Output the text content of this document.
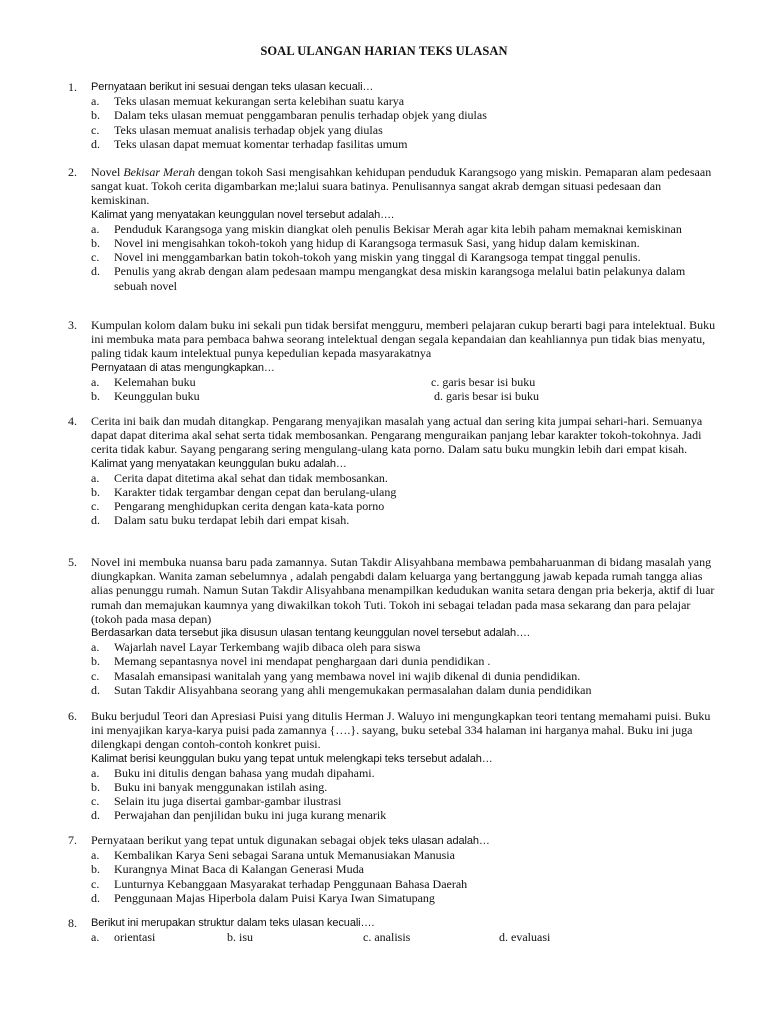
SOAL ULANGAN HARIAN TEKS ULASAN
1. Pernyataan berikut ini sesuai dengan teks ulasan kecuali…
a. Teks ulasan memuat kekurangan serta kelebihan suatu karya
b. Dalam teks ulasan memuat penggambaran penulis terhadap objek yang diulas
c. Teks ulasan memuat analisis terhadap objek yang diulas
d. Teks ulasan dapat memuat komentar terhadap fasilitas umum
2. Novel Bekisar Merah dengan tokoh Sasi mengisahkan kehidupan penduduk Karangsogo yang miskin. Pemaparan alam pedesaan sangat kuat. Tokoh cerita digambarkan me;lalui suara batinya. Penulisannya sangat akrab demgan situasi pedesaan dan kemiskinan.
Kalimat yang menyatakan keunggulan novel tersebut adalah….
a. Penduduk Karangsoga yang miskin diangkat oleh penulis Bekisar Merah agar kita lebih paham memaknai kemiskinan
b. Novel ini mengisahkan tokoh-tokoh yang hidup di Karangsoga termasuk Sasi, yang hidup dalam kemiskinan.
c. Novel ini menggambarkan batin tokoh-tokoh yang miskin yang tinggal di Karangsoga tempat tinggal penulis.
d. Penulis yang akrab dengan alam pedesaan mampu mengangkat desa miskin karangsoga melalui batin pelakunya dalam sebuah novel
3. Kumpulan kolom dalam buku ini sekali pun tidak bersifat mengguru, memberi pelajaran cukup berarti bagi para intelektual. Buku ini membuka mata para pembaca bahwa seorang intelektual dengan segala kepandaian dan keahliannya pun tidak bias menyatu, paling tidak kaum intelektual punya kepedulian kepada masyarakatnya
Pernyataan di atas mengungkapkan…
a. Kelemahan buku	c. garis besar isi buku
b. Keunggulan buku	d. garis besar isi buku
4. Cerita ini baik dan mudah ditangkap. Pengarang menyajikan masalah yang actual dan sering kita jumpai sehari-hari. Semuanya dapat dapat diterima akal sehat serta tidak membosankan. Pengarang menguraikan panjang lebar karakter tokoh-tokohnya. Jadi cerita tidak kabur. Sayang pengarang sering mengulang-ulang kata porno. Dalam satu buku mungkin lebih dari empat kisah.
Kalimat yang menyatakan keunggulan buku adalah…
a. Cerita dapat ditetima akal sehat dan tidak membosankan.
b. Karakter tidak tergambar dengan cepat dan berulang-ulang
c. Pengarang menghidupkan cerita dengan kata-kata porno
d. Dalam satu buku terdapat lebih dari empat kisah.
5. Novel ini membuka nuansa baru pada zamannya. Sutan Takdir Alisyahbana membawa pembaharuanman di bidang masalah yang diungkapkan. Wanita zaman sebelumnya , adalah pengabdi dalam keluarga yang bertanggung jawab kepada rumah tangga alias alias penunggu rumah. Namun Sutan Takdir Alisyahbana menampilkan kedudukan wanita setara dengan pria bekerja, aktif di luar rumah dan memajukan kaumnya yang diwakilkan tokoh Tuti. Tokoh ini sebagai teladan pada masa sekarang dan para pelajar (tokoh pada masa depan)
Berdasarkan data tersebut jika disusun ulasan tentang keunggulan novel tersebut adalah….
a. Wajarlah navel Layar Terkembang wajib dibaca oleh para siswa
b. Memang sepantasnya novel ini mendapat penghargaan dari dunia pendidikan .
c. Masalah emansipasi wanitalah yang yang membawa novel ini wajib dikenal di dunia pendidikan.
d. Sutan Takdir Alisyahbana seorang yang ahli mengemukakan permasalahan dalam dunia pendidikan
6. Buku berjudul Teori dan Apresiasi Puisi yang ditulis Herman J. Waluyo ini mengungkapkan teori tentang memahami puisi. Buku ini menyajikan karya-karya puisi pada zamannya {….}. sayang, buku setebal 334 halaman ini harganya mahal. Buku ini juga dilengkapi dengan contoh-contoh konkret puisi.
Kalimat berisi keunggulan buku yang tepat untuk melengkapi teks tersebut adalah…
a. Buku ini ditulis dengan bahasa yang mudah dipahami.
b. Buku ini banyak menggunakan istilah asing.
c. Selain itu juga disertai gambar-gambar ilustrasi
d. Perwajahan dan penjilidan buku ini juga kurang menarik
7. Pernyataan berikut yang tepat untuk digunakan sebagai objek teks ulasan adalah…
a. Kembalikan Karya Seni sebagai Sarana untuk Memanusiakan Manusia
b. Kurangnya Minat Baca di Kalangan Generasi Muda
c. Lunturnya Kebanggaan Masyarakat terhadap Penggunaan Bahasa Daerah
d. Penggunaan Majas Hiperbola dalam Puisi Karya Iwan Simatupang
8. Berikut ini merupakan struktur dalam teks ulasan kecuali….
a. orientasi	b. isu	c. analisis	d. evaluasi
